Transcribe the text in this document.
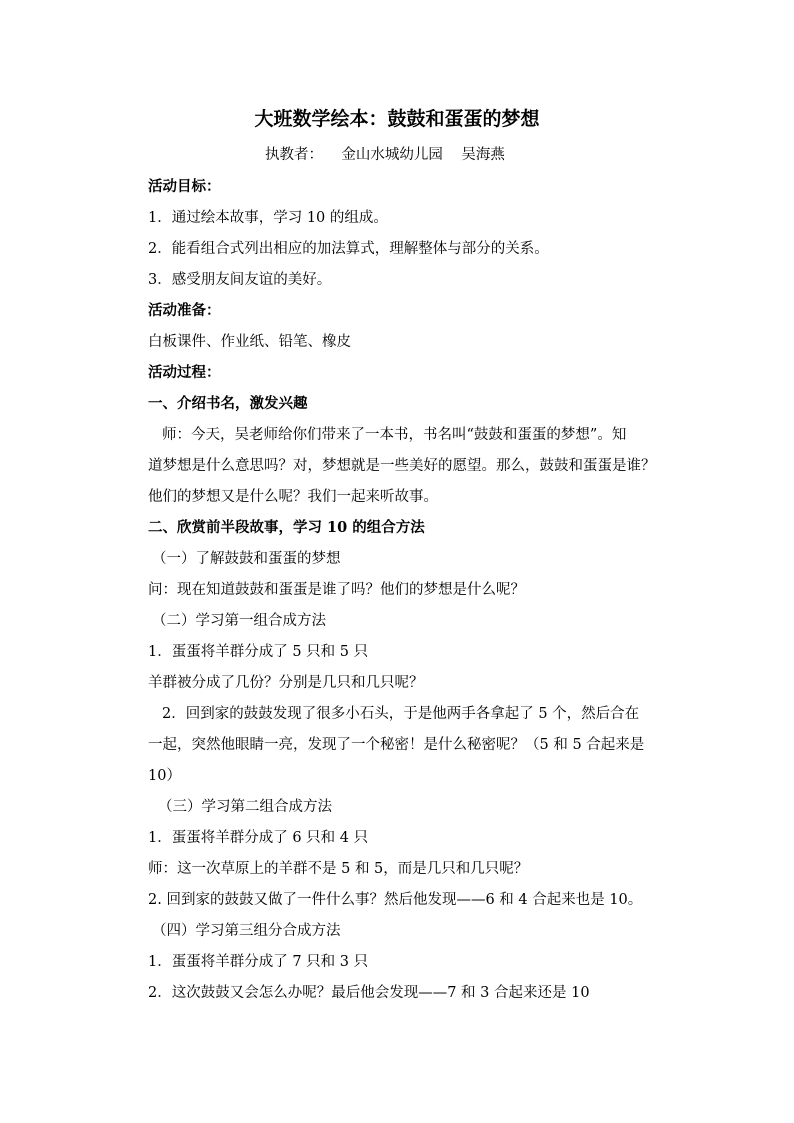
大班数学绘本：鼓鼓和蛋蛋的梦想
执教者：    金山水城幼儿园    吴海燕
活动目标：
1．通过绘本故事，学习 10 的组成。
2．能看组合式列出相应的加法算式，理解整体与部分的关系。
3．感受朋友间友谊的美好。
活动准备：
白板课件、作业纸、铅笔、橡皮
活动过程：
一、介绍书名，激发兴趣
师：今天，吴老师给你们带来了一本书，书名叫“鼓鼓和蛋蛋的梦想”。知
道梦想是什么意思吗？对，梦想就是一些美好的愿望。那么，鼓鼓和蛋蛋是谁？
他们的梦想又是什么呢？我们一起来听故事。
二、欣赏前半段故事，学习 10 的组合方法
（一）了解鼓鼓和蛋蛋的梦想
问：现在知道鼓鼓和蛋蛋是谁了吗？他们的梦想是什么呢？
（二）学习第一组合成方法
1．蛋蛋将羊群分成了 5 只和 5 只
羊群被分成了几份？分别是几只和几只呢？
2．回到家的鼓鼓发现了很多小石头，于是他两手各拿起了 5 个，然后合在
一起，突然他眼睛一亮，发现了一个秘密！是什么秘密呢？（5 和 5 合起来是
10）
（三）学习第二组合成方法
1．蛋蛋将羊群分成了 6 只和 4 只
师：这一次草原上的羊群不是 5 和 5，而是几只和几只呢？
2. 回到家的鼓鼓又做了一件什么事？然后他发现——6 和 4 合起来也是 10。
（四）学习第三组分合成方法
1．蛋蛋将羊群分成了 7 只和 3 只
2．这次鼓鼓又会怎么办呢？最后他会发现——7 和 3 合起来还是 10
